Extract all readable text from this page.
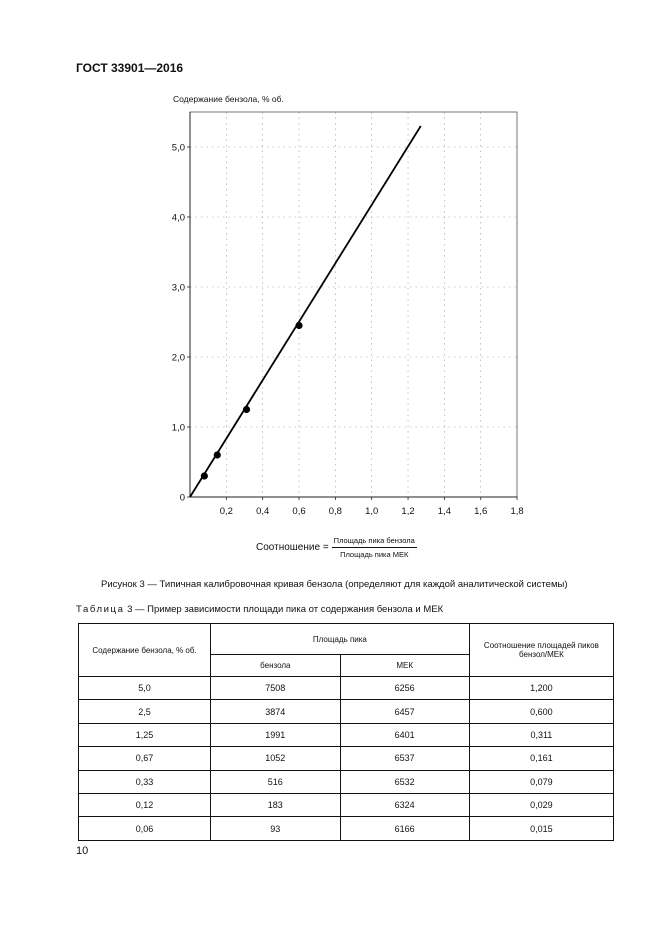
ГОСТ 33901—2016
Содержание бензола, % об.
0,2 0,4 0,6 0,8 1,0 1,2 1,4 1,6 1,8
0
1,0
2,0
3,0
4,0
5,0
Соотношение = $\frac{\text{Площадь пика бензола}}{\text{Площадь пика МЕК}}$
Рисунок 3 — Типичная калибровочная кривая бензола (определяют для каждой аналитической системы)
Таблица 3 — Пример зависимости площади пика от содержания бензола и МЕК
Содержание бензола, % об.	Площадь пика		Соотношение площадей пиков бензол/МЕК
	бензола	МЕК	
5,0	7508	6256	1,200
2,5	3874	6457	0,600
1,25	1991	6401	0,311
0,67	1052	6537	0,161
0,33	516	6532	0,079
0,12	183	6324	0,029
0,06	93	6166	0,015
10
